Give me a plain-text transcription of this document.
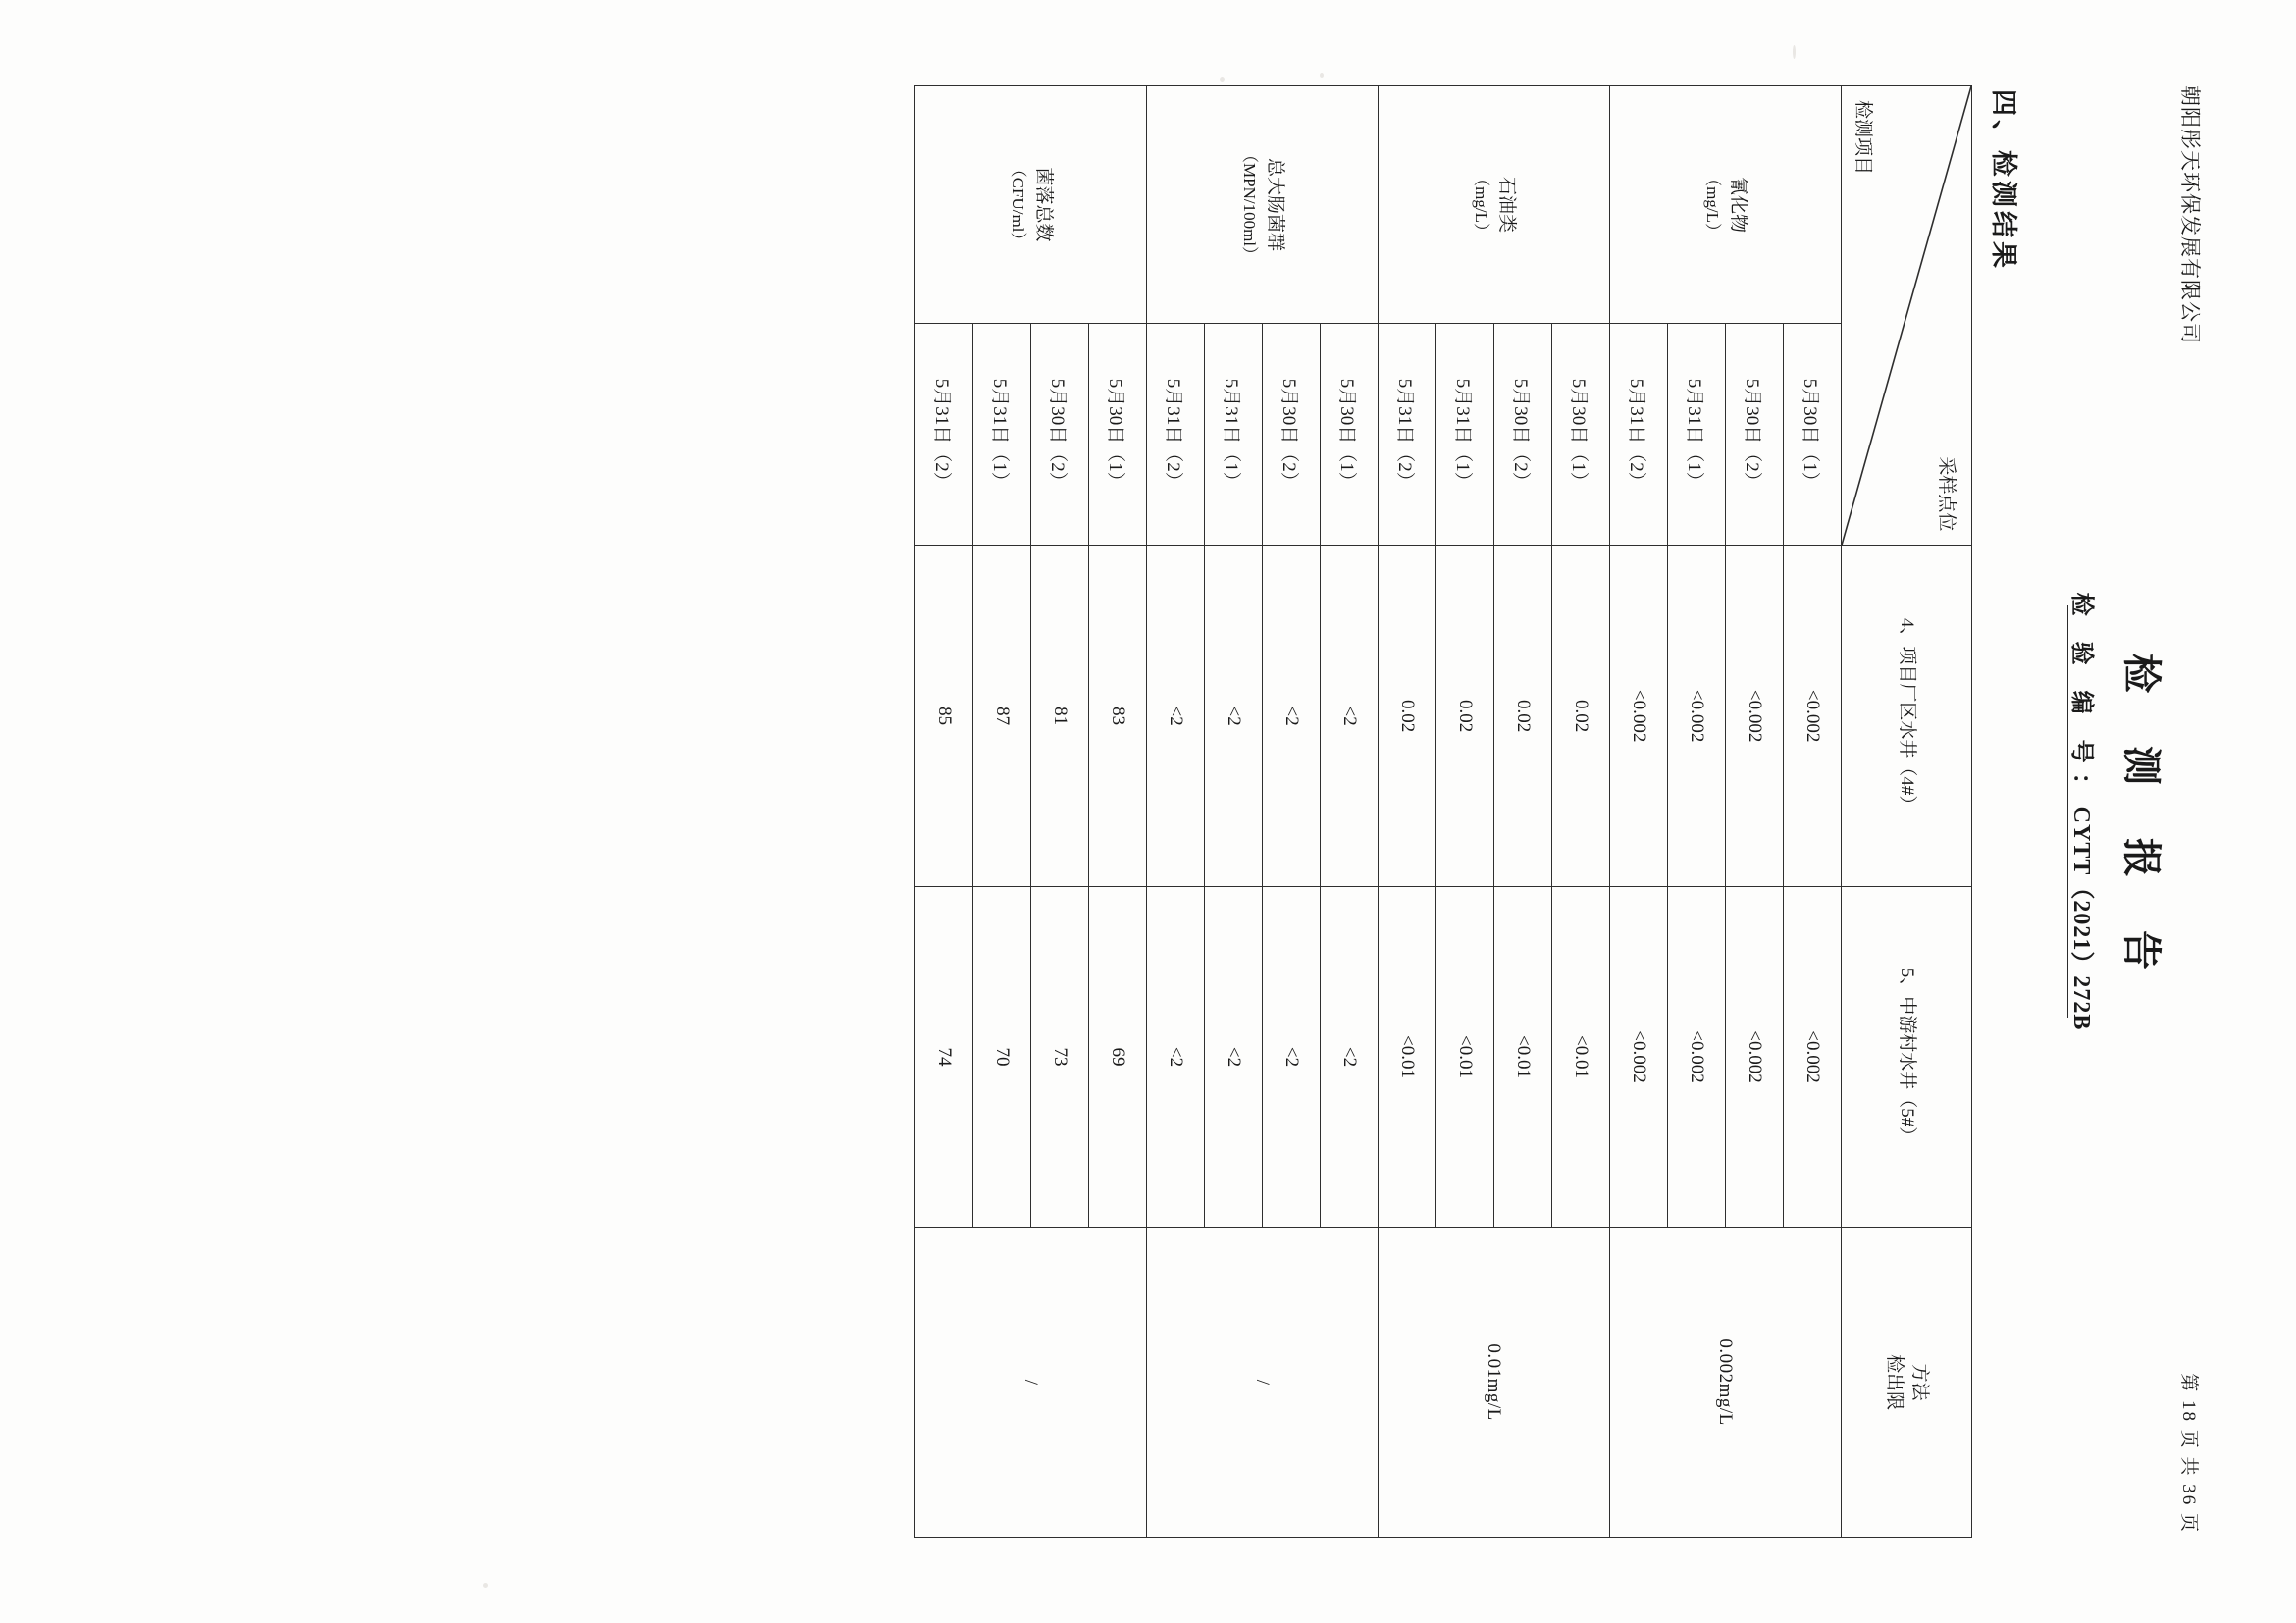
朝阳彤天环保发展有限公司
检 测 报 告
检 验 编 号：CYTT（2021）272B
第 18 页 共 36 页
四、检测结果
采样点位
检测项目		4、项目厂区水井（4#）	5、中游村水井（5#）	方法
检出限

氰化物
（mg/L）	5月30日（1）	<0.002	<0.002	0.002mg/L
	5月30日（2）	<0.002	<0.002	
	5月31日（1）	<0.002	<0.002	
	5月31日（2）	<0.002	<0.002	

石油类
（mg/L）	5月30日（1）	0.02	<0.01	0.01mg/L
	5月30日（2）	0.02	<0.01	
	5月31日（1）	0.02	<0.01	
	5月31日（2）	0.02	<0.01	

总大肠菌群
（MPN/100ml）	5月30日（1）	<2	<2	/
	5月30日（2）	<2	<2	
	5月31日（1）	<2	<2	
	5月31日（2）	<2	<2	

菌落总数
（CFU/ml）	5月30日（1）	83	69	/
	5月30日（2）	81	73	
	5月31日（1）	87	70	
	5月31日（2）	85	74	
